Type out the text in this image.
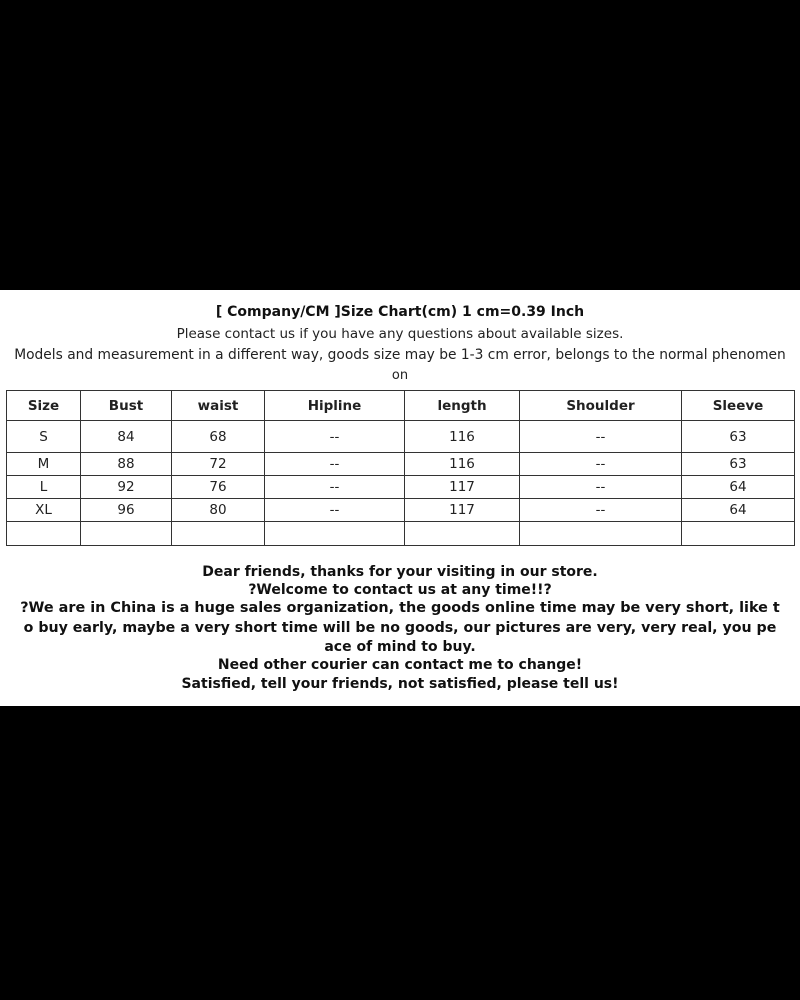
[ Company/CM ]Size Chart(cm) 1 cm=0.39 Inch
Please contact us if you have any questions about available sizes.
Models and measurement in a different way, goods size may be 1-3 cm error, belongs to the normal phenomen
on
Size	Bust	waist	Hipline	length	Shoulder	Sleeve
S	84	68	--	116	--	63
M	88	72	--	116	--	63
L	92	76	--	117	--	64
XL	96	80	--	117	--	64

Dear friends, thanks for your visiting in our store.
?Welcome to contact us at any time!!?
?We are in China is a huge sales organization, the goods online time may be very short, like t
o buy early, maybe a very short time will be no goods, our pictures are very, very real, you pe
ace of mind to buy.
Need other courier can contact me to change!
Satisfied, tell your friends, not satisfied, please tell us!
